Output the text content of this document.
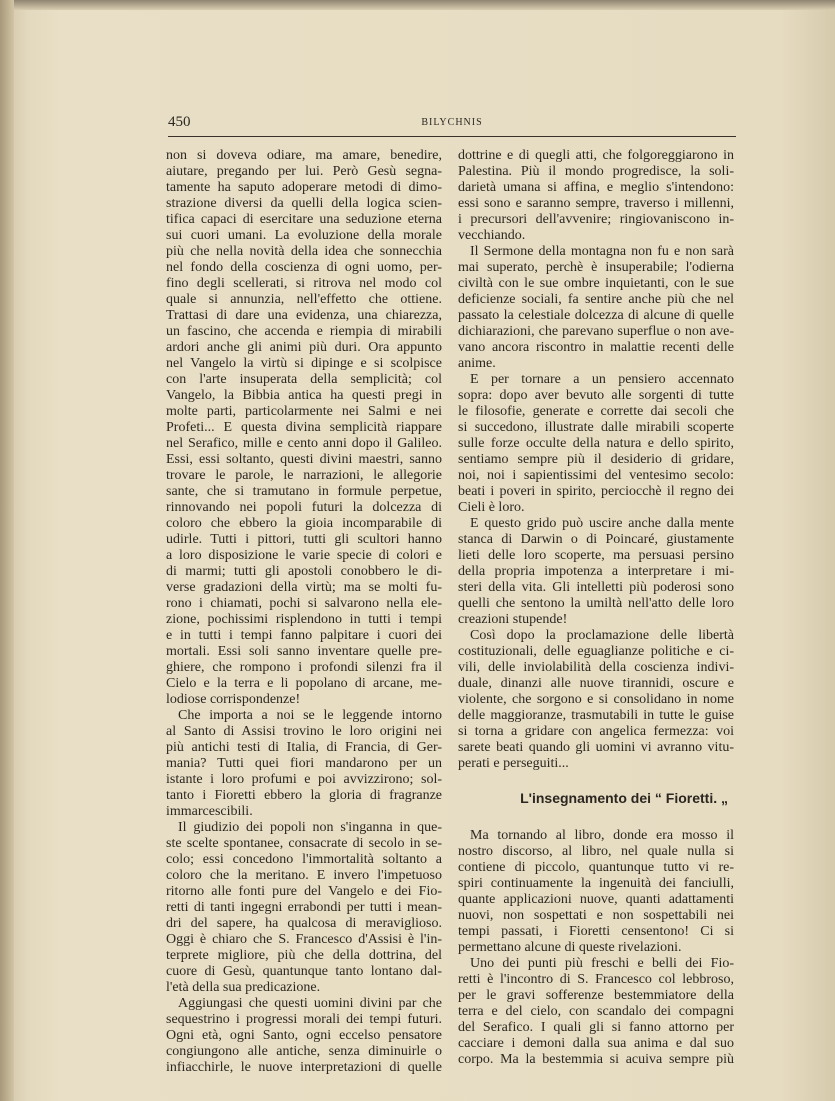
450	BILYCHNIS
non si doveva odiare, ma amare, benedire,
aiutare, pregando per lui. Però Gesù segna-
tamente ha saputo adoperare metodi di dimo-
strazione diversi da quelli della logica scien-
tifica capaci di esercitare una seduzione eterna
sui cuori umani. La evoluzione della morale
più che nella novità della idea che sonnecchia
nel fondo della coscienza di ogni uomo, per-
fino degli scellerati, si ritrova nel modo col
quale si annunzia, nell'effetto che ottiene.
Trattasi di dare una evidenza, una chiarezza,
un fascino, che accenda e riempia di mirabili
ardori anche gli animi più duri. Ora appunto
nel Vangelo la virtù si dipinge e si scolpisce
con l'arte insuperata della semplicità; col
Vangelo, la Bibbia antica ha questi pregi in
molte parti, particolarmente nei Salmi e nei
Profeti... E questa divina semplicità riappare
nel Serafico, mille e cento anni dopo il Galileo.
Essi, essi soltanto, questi divini maestri, sanno
trovare le parole, le narrazioni, le allegorie
sante, che si tramutano in formule perpetue,
rinnovando nei popoli futuri la dolcezza di
coloro che ebbero la gioia incomparabile di
udirle. Tutti i pittori, tutti gli scultori hanno
a loro disposizione le varie specie di colori e
di marmi; tutti gli apostoli conobbero le di-
verse gradazioni della virtù; ma se molti fu-
rono i chiamati, pochi si salvarono nella ele-
zione, pochissimi risplendono in tutti i tempi
e in tutti i tempi fanno palpitare i cuori dei
mortali. Essi soli sanno inventare quelle pre-
ghiere, che rompono i profondi silenzi fra il
Cielo e la terra e li popolano di arcane, me-
lodiose corrispondenze!
Che importa a noi se le leggende intorno
al Santo di Assisi trovino le loro origini nei
più antichi testi di Italia, di Francia, di Ger-
mania? Tutti quei fiori mandarono per un
istante i loro profumi e poi avvizzirono; sol-
tanto i Fioretti ebbero la gloria di fragranze
immarcescibili.
Il giudizio dei popoli non s'inganna in que-
ste scelte spontanee, consacrate di secolo in se-
colo; essi concedono l'immortalità soltanto a
coloro che la meritano. E invero l'impetuoso
ritorno alle fonti pure del Vangelo e dei Fio-
retti di tanti ingegni errabondi per tutti i mean-
dri del sapere, ha qualcosa di meraviglioso.
Oggi è chiaro che S. Francesco d'Assisi è l'in-
terprete migliore, più che della dottrina, del
cuore di Gesù, quantunque tanto lontano dal-
l'età della sua predicazione.
Aggiungasi che questi uomini divini par che
sequestrino i progressi morali dei tempi futuri.
Ogni età, ogni Santo, ogni eccelso pensatore
congiungono alle antiche, senza diminuirle o
infiacchirle, le nuove interpretazioni di quelle
dottrine e di quegli atti, che folgoreggiarono in
Palestina. Più il mondo progredisce, la soli-
darietà umana si affina, e meglio s'intendono:
essi sono e saranno sempre, traverso i millenni,
i precursori dell'avvenire; ringiovaniscono in-
vecchiando.
Il Sermone della montagna non fu e non sarà
mai superato, perchè è insuperabile; l'odierna
civiltà con le sue ombre inquietanti, con le sue
deficienze sociali, fa sentire anche più che nel
passato la celestiale dolcezza di alcune di quelle
dichiarazioni, che parevano superflue o non ave-
vano ancora riscontro in malattie recenti delle
anime.
E per tornare a un pensiero accennato
sopra: dopo aver bevuto alle sorgenti di tutte
le filosofie, generate e corrette dai secoli che
si succedono, illustrate dalle mirabili scoperte
sulle forze occulte della natura e dello spirito,
sentiamo sempre più il desiderio di gridare,
noi, noi i sapientissimi del ventesimo secolo:
beati i poveri in spirito, perciocchè il regno dei
Cieli è loro.
E questo grido può uscire anche dalla mente
stanca di Darwin o di Poincaré, giustamente
lieti delle loro scoperte, ma persuasi persino
della propria impotenza a interpretare i mi-
steri della vita. Gli intelletti più poderosi sono
quelli che sentono la umiltà nell'atto delle loro
creazioni stupende!
Così dopo la proclamazione delle libertà
costituzionali, delle eguaglianze politiche e ci-
vili, delle inviolabilità della coscienza indivi-
duale, dinanzi alle nuove tirannidi, oscure e
violente, che sorgono e si consolidano in nome
delle maggioranze, trasmutabili in tutte le guise
si torna a gridare con angelica fermezza: voi
sarete beati quando gli uomini vi avranno vitu-
perati e perseguiti...
L'insegnamento dei “ Fioretti. „
Ma tornando al libro, donde era mosso il
nostro discorso, al libro, nel quale nulla si
contiene di piccolo, quantunque tutto vi re-
spiri continuamente la ingenuità dei fanciulli,
quante applicazioni nuove, quanti adattamenti
nuovi, non sospettati e non sospettabili nei
tempi passati, i Fioretti censentono! Ci si
permettano alcune di queste rivelazioni.
Uno dei punti più freschi e belli dei Fio-
retti è l'incontro di S. Francesco col lebbroso,
per le gravi sofferenze bestemmiatore della
terra e del cielo, con scandalo dei compagni
del Serafico. I quali gli si fanno attorno per
cacciare i demoni dalla sua anima e dal suo
corpo. Ma la bestemmia si acuiva sempre più
